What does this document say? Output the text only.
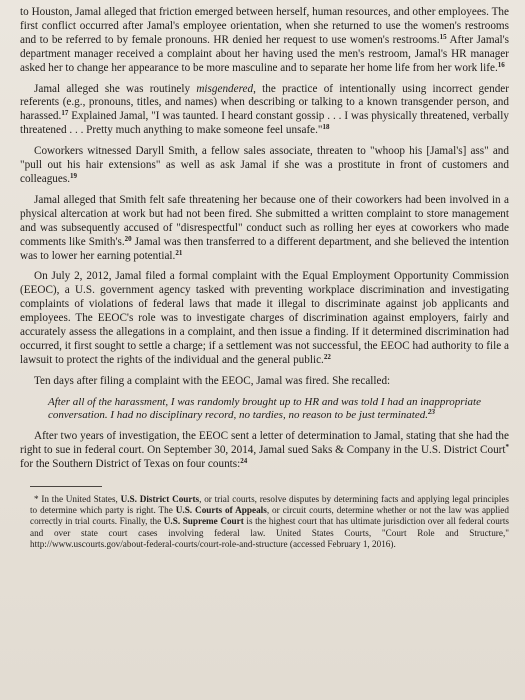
to Houston, Jamal alleged that friction emerged between herself, human resources, and other employees. The first conflict occurred after Jamal's employee orientation, when she returned to use the women's restrooms and to be referred to by female pronouns. HR denied her request to use women's restrooms.$^{15}$ After Jamal's department manager received a complaint about her having used the men's restroom, Jamal's HR manager asked her to change her appearance to be more masculine and to separate her home life from her work life.$^{16}$

Jamal alleged she was routinely misgendered, the practice of intentionally using incorrect gender referents (e.g., pronouns, titles, and names) when describing or talking to a known transgender person, and harassed.$^{17}$ Explained Jamal, "I was taunted. I heard constant gossip . . . I was physically threatened, verbally threatened . . . Pretty much anything to make someone feel unsafe."$^{18}$

Coworkers witnessed Daryll Smith, a fellow sales associate, threaten to "whoop his [Jamal's] ass" and "pull out his hair extensions" as well as ask Jamal if she was a prostitute in front of customers and colleagues.$^{19}$

Jamal alleged that Smith felt safe threatening her because one of their coworkers had been involved in a physical altercation at work but had not been fired. She submitted a written complaint to store management and was subsequently accused of "disrespectful" conduct such as rolling her eyes at coworkers who made comments like Smith's.$^{20}$ Jamal was then transferred to a different department, and she believed the intention was to lower her earning potential.$^{21}$

On July 2, 2012, Jamal filed a formal complaint with the Equal Employment Opportunity Commission (EEOC), a U.S. government agency tasked with preventing workplace discrimination and investigating complaints of violations of federal laws that made it illegal to discriminate against job applicants and employees. The EEOC's role was to investigate charges of discrimination against employers, fairly and accurately assess the allegations in a complaint, and then issue a finding. If it determined discrimination had occurred, it first sought to settle a charge; if a settlement was not successful, the EEOC had authority to file a lawsuit to protect the rights of the individual and the general public.$^{22}$

Ten days after filing a complaint with the EEOC, Jamal was fired. She recalled:

After all of the harassment, I was randomly brought up to HR and was told I had an inappropriate conversation. I had no disciplinary record, no tardies, no reason to be just terminated.$^{23}$

After two years of investigation, the EEOC sent a letter of determination to Jamal, stating that she had the right to sue in federal court. On September 30, 2014, Jamal sued Saks & Company in the U.S. District Court* for the Southern District of Texas on four counts:$^{24}$

* In the United States, U.S. District Courts, or trial courts, resolve disputes by determining facts and applying legal principles to determine which party is right. The U.S. Courts of Appeals, or circuit courts, determine whether or not the law was applied correctly in trial courts. Finally, the U.S. Supreme Court is the highest court that has ultimate jurisdiction over all federal courts and over state court cases involving federal law. United States Courts, "Court Role and Structure," http://www.uscourts.gov/about-federal-courts/court-role-and-structure (accessed February 1, 2016).
